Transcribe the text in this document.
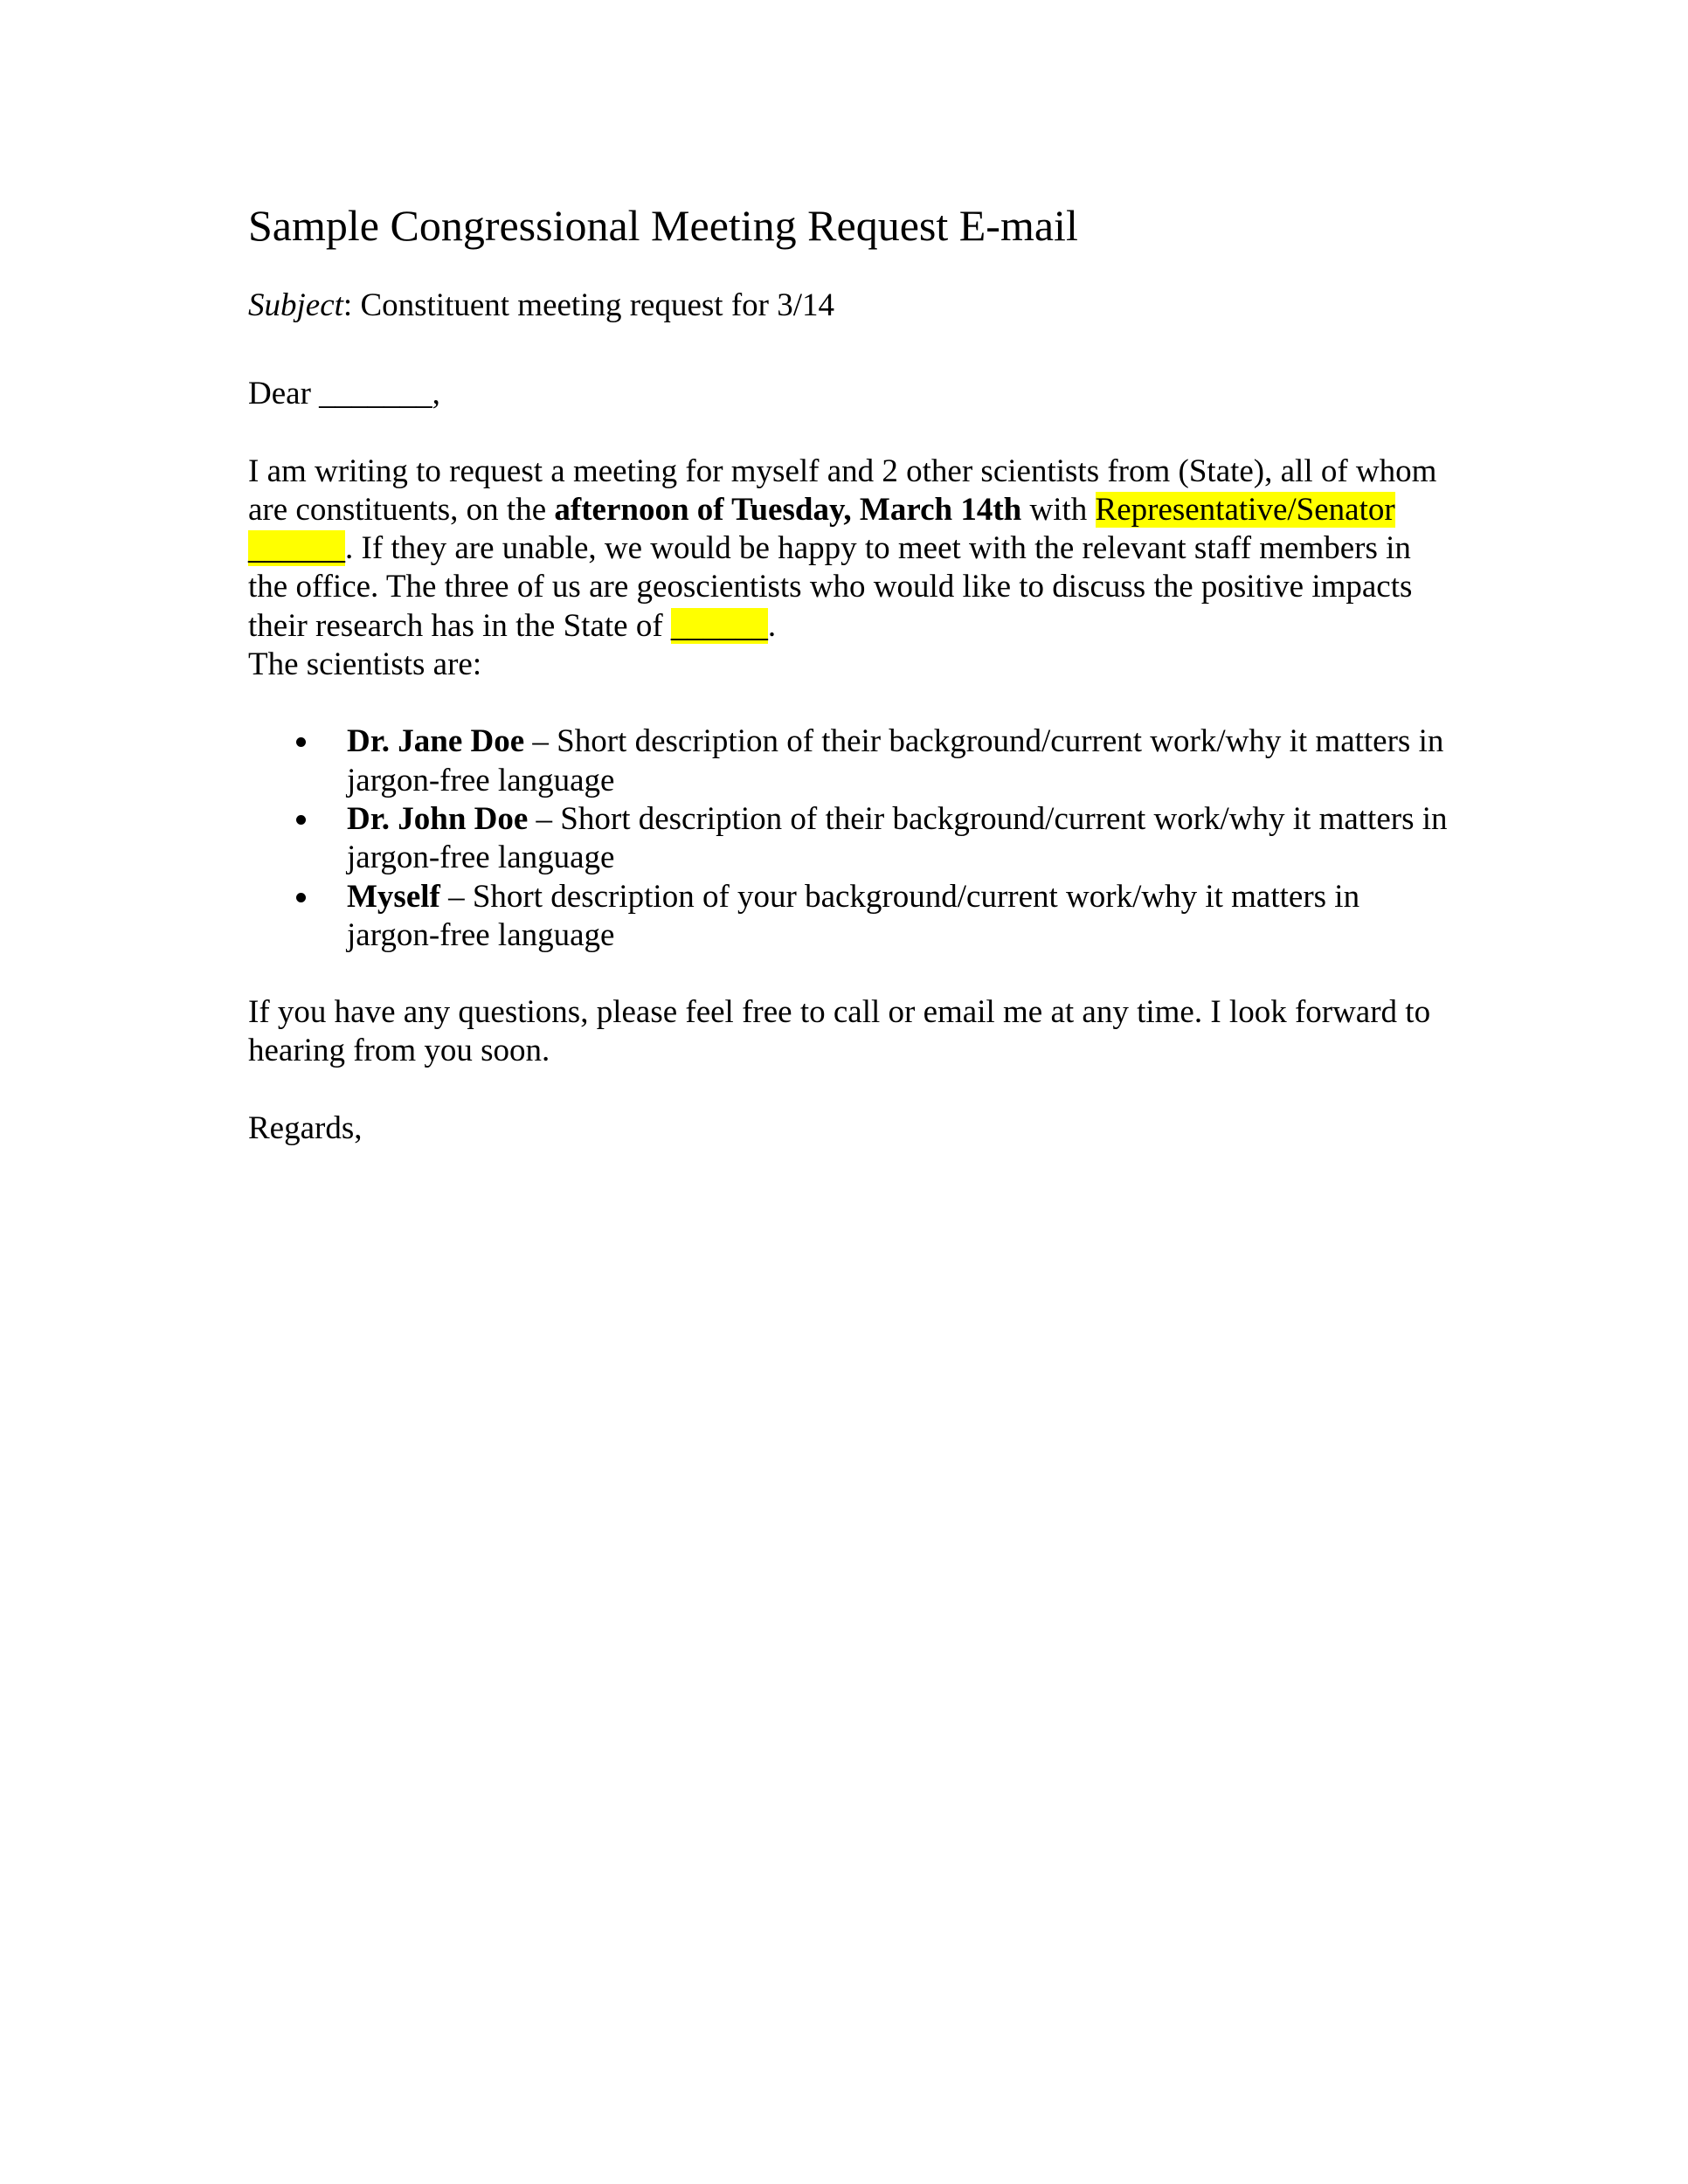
Sample Congressional Meeting Request E-mail

Subject: Constituent meeting request for 3/14

Dear _______,

I am writing to request a meeting for myself and 2 other scientists from (State), all of whom are constituents, on the afternoon of Tuesday, March 14th with Representative/Senator ______. If they are unable, we would be happy to meet with the relevant staff members in the office. The three of us are geoscientists who would like to discuss the positive impacts their research has in the State of ______.
The scientists are:

Dr. Jane Doe – Short description of their background/current work/why it matters in jargon-free language
Dr. John Doe – Short description of their background/current work/why it matters in jargon-free language
Myself – Short description of your background/current work/why it matters in jargon-free language

If you have any questions, please feel free to call or email me at any time. I look forward to hearing from you soon.

Regards,
